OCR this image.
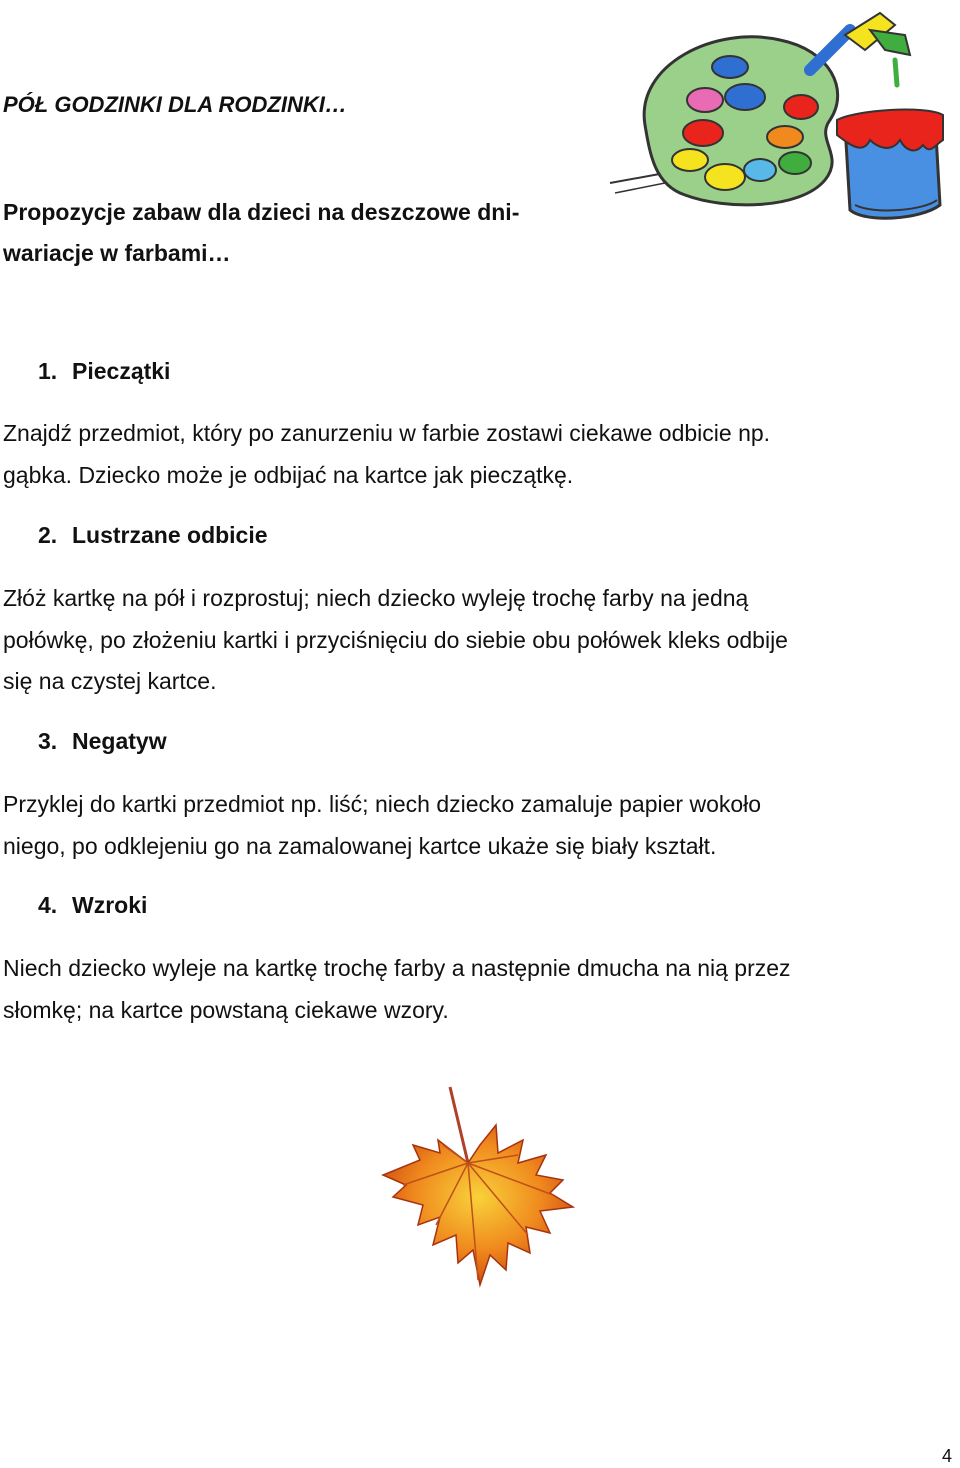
PÓŁ GODZINKI DLA RODZINKI…
Propozycje zabaw dla dzieci na deszczowe dni-
wariacje w farbami…
1. Pieczątki
Znajdź przedmiot, który po zanurzeniu w farbie zostawi ciekawe odbicie np.
gąbka. Dziecko może je odbijać na kartce jak pieczątkę.
2. Lustrzane odbicie
Złóż kartkę na pół i rozprostuj; niech dziecko wyleję trochę farby na jedną
połówkę, po złożeniu kartki i przyciśnięciu do siebie obu połówek kleks odbije
się na czystej kartce.
3. Negatyw
Przyklej do kartki przedmiot np. liść; niech dziecko zamaluje papier wokoło
niego, po odklejeniu go na zamalowanej kartce ukaże się biały kształt.
4. Wzroki
Niech dziecko wyleje na kartkę trochę farby a następnie dmucha na nią przez
słomkę; na kartce powstaną ciekawe wzory.
4
